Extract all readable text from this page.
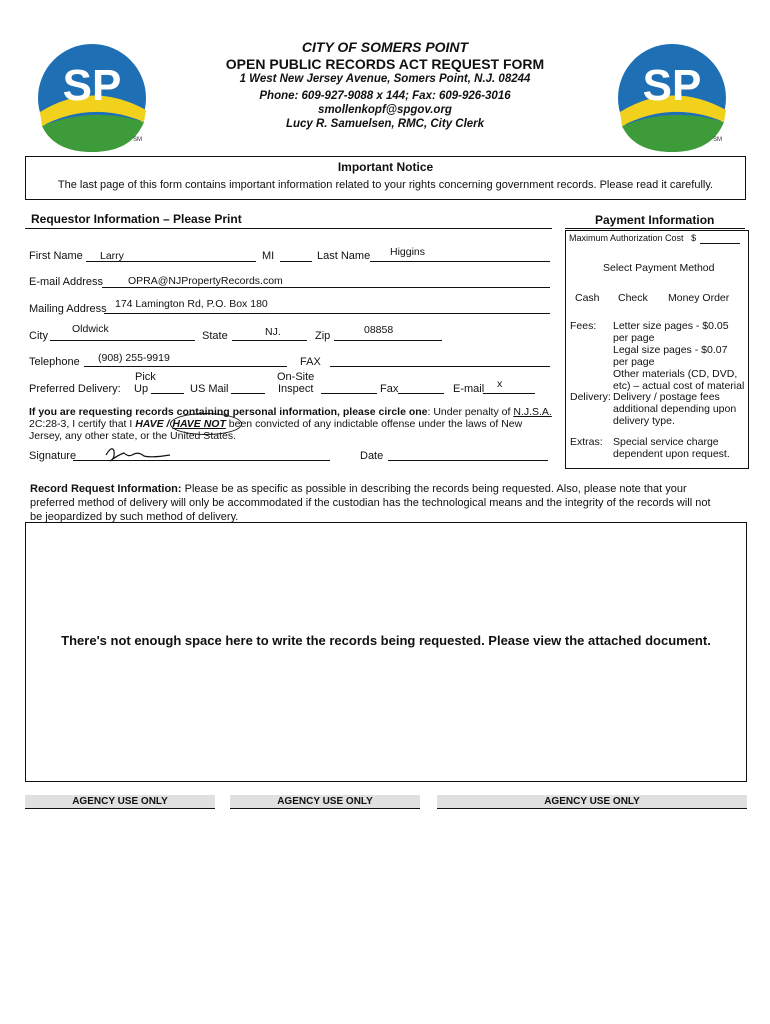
SP
SM
SP
SM
CITY OF SOMERS POINT
OPEN PUBLIC RECORDS ACT REQUEST FORM
1 West New Jersey Avenue, Somers Point, N.J. 08244
Phone: 609-927-9088 x 144; Fax: 609-926-3016
smollenkopf@spgov.org
Lucy R. Samuelsen, RMC, City Clerk
Important Notice
The last page of this form contains important information related to your rights concerning government records. Please read it carefully.
Requestor Information – Please Print	Payment Information
First Name Larry	MI	Last Name Higgins
E-mail Address OPRA@NJPropertyRecords.com
Mailing Address 174 Lamington Rd, P.O. Box 180
City
Oldwick
State	NJ.	Zip	08858
Telephone (908) 255-9919	FAX
Pick	On-Site
Preferred Delivery: Up	US Mail	Inspect	Fax	E-mail x
If you are requesting records containing personal information, please circle one: Under penalty of N.J.S.A.
2C:28-3, I certify that I HAVE / HAVE NOT been convicted of any indictable offense under the laws of New
Jersey, any other state, or the United States.
Signature	Date
Maximum Authorization Cost $
Select Payment Method
Cash Check Money Order
Fees: Letter size pages - $0.05
per page
Legal size pages - $0.07
per page
Other materials (CD, DVD,
etc) – actual cost of material
Delivery: Delivery / postage fees
additional depending upon
delivery type.
Extras: Special service charge
dependent upon request.
Record Request Information: Please be as specific as possible in describing the records being requested. Also, please note that your
preferred method of delivery will only be accommodated if the custodian has the technological means and the integrity of the records will not
be jeopardized by such method of delivery.
There's not enough space here to write the records being requested. Please view the attached document.
AGENCY USE ONLY	AGENCY USE ONLY	AGENCY USE ONLY
